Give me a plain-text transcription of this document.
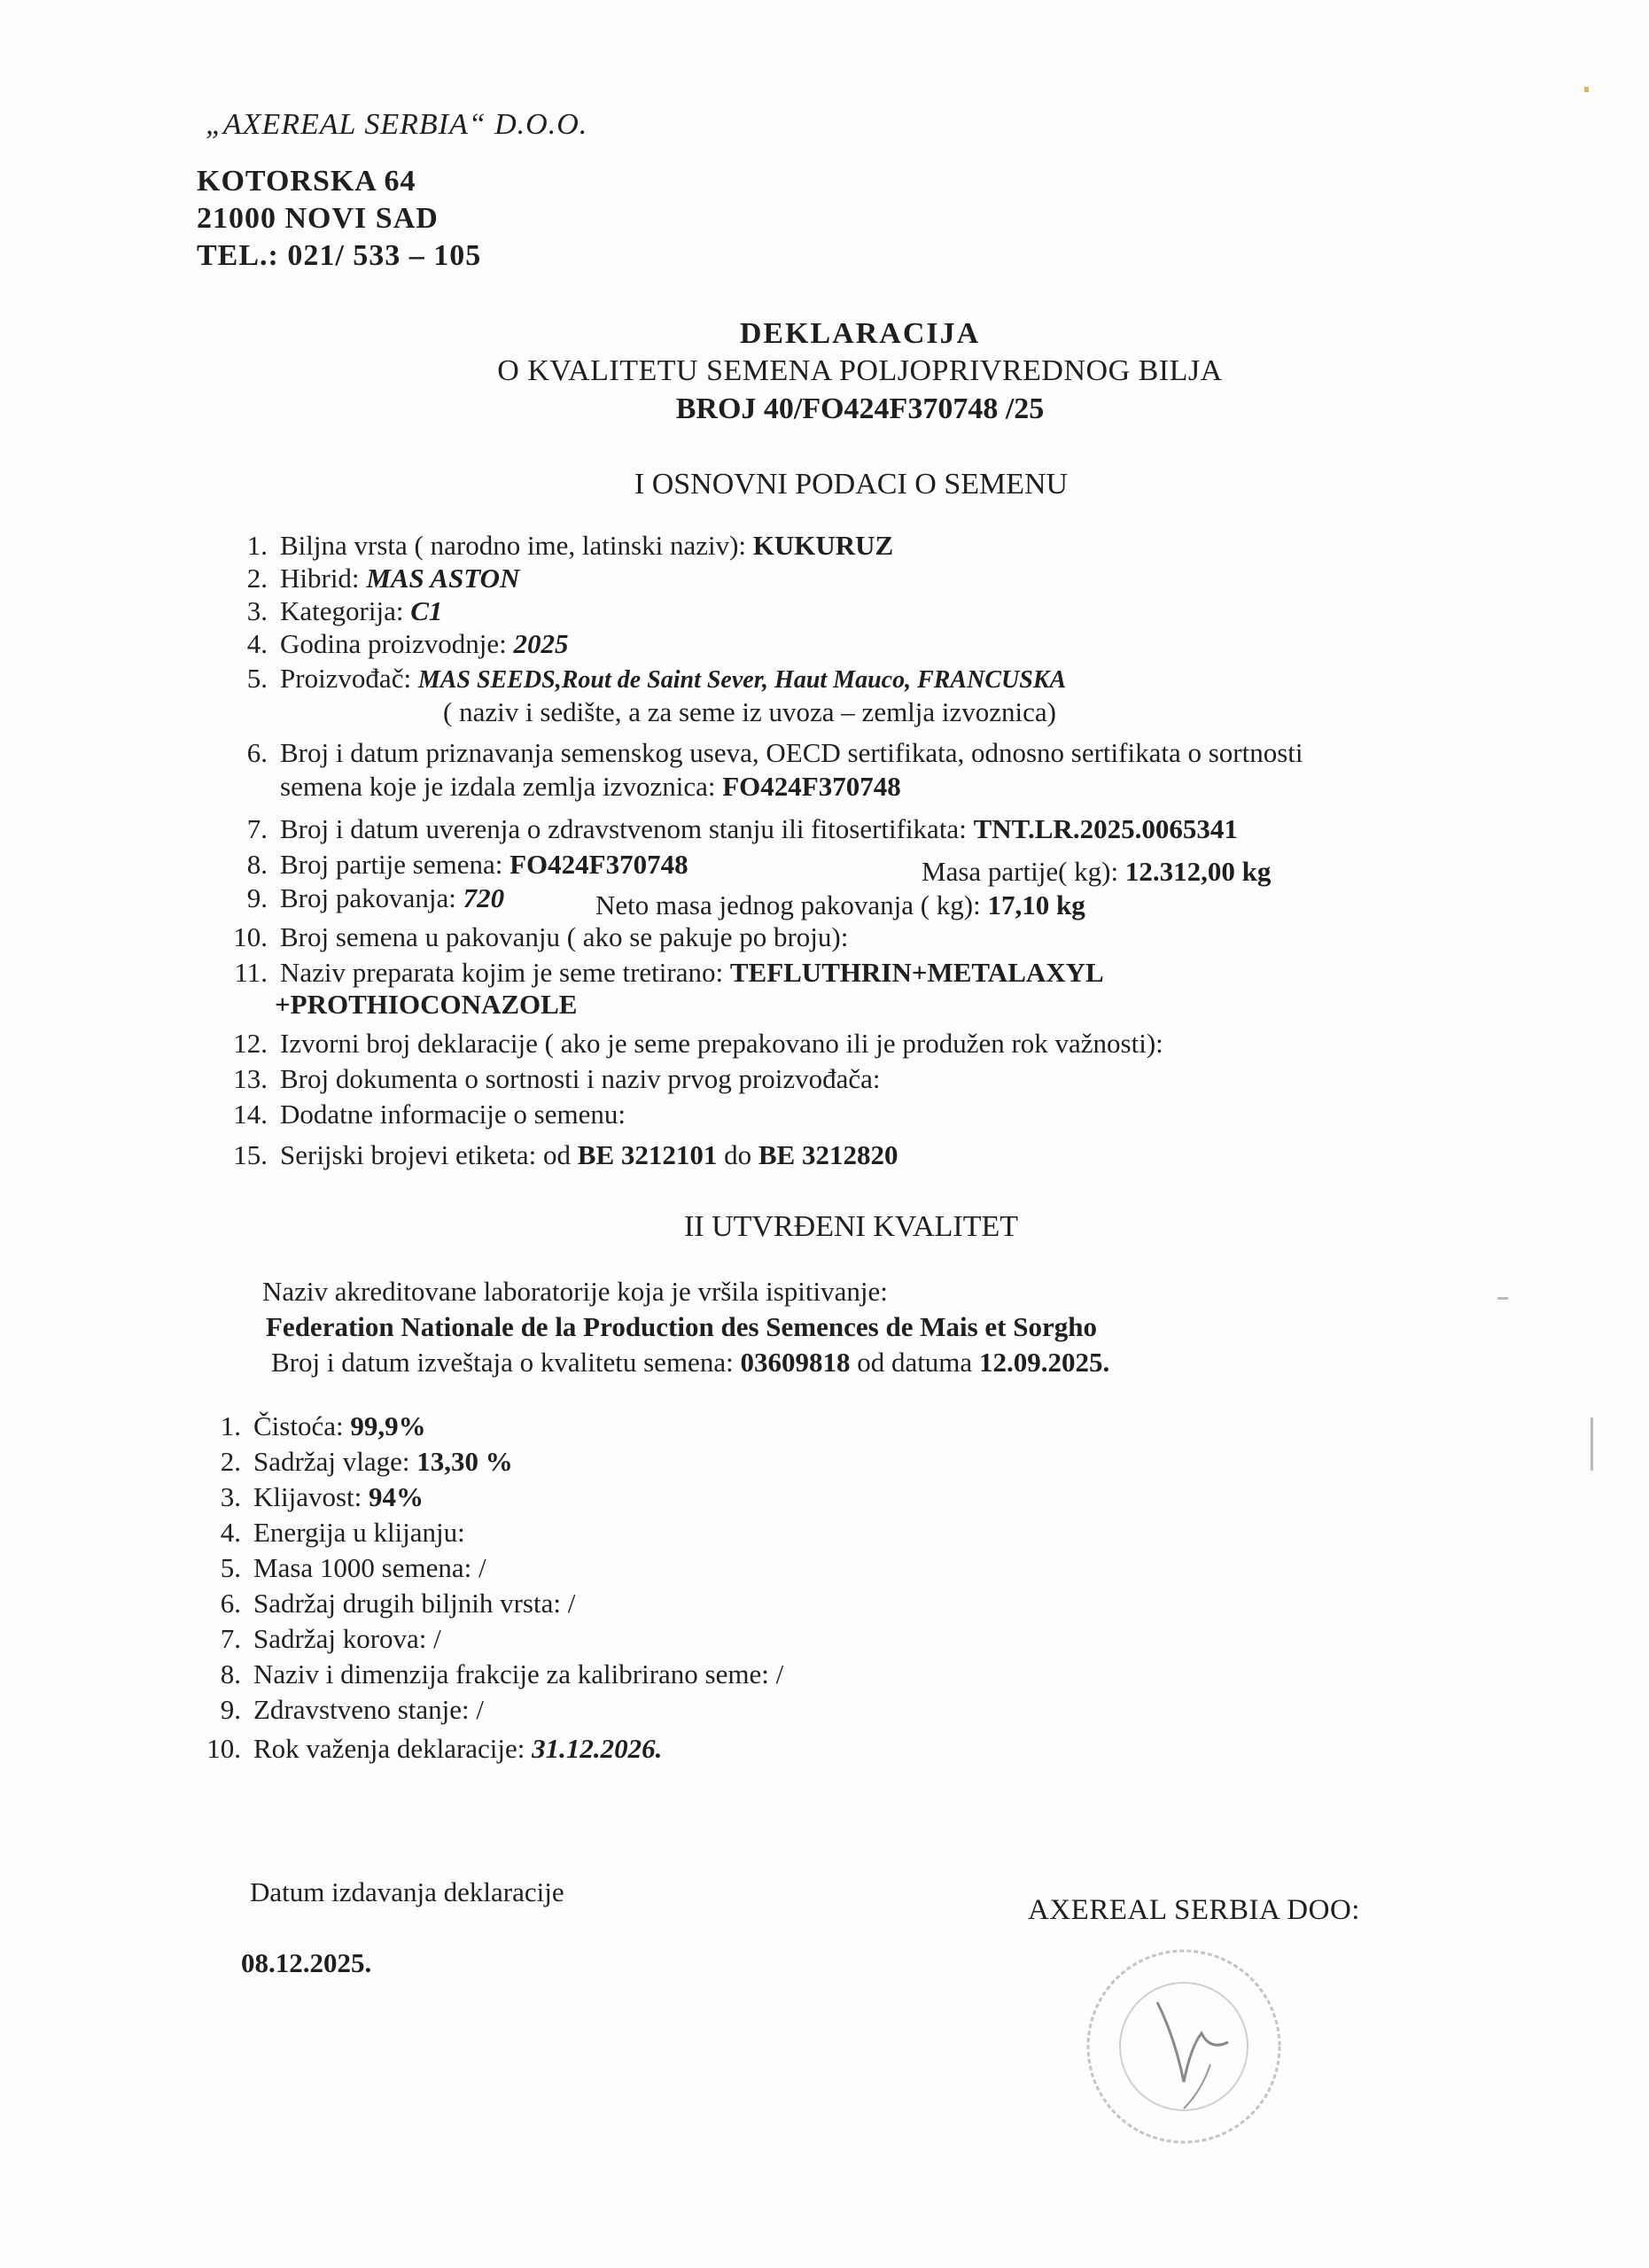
„AXEREAL SERBIA“ D.O.O.
KOTORSKA 64
21000 NOVI SAD
TEL.: 021/ 533 – 105
DEKLARACIJA
O KVALITETU SEMENA POLJOPRIVREDNOG BILJA
BROJ 40/FO424F370748 /25
I OSNOVNI PODACI O SEMENU
1. Biljna vrsta ( narodno ime, latinski naziv): KUKURUZ
2. Hibrid: MAS ASTON
3. Kategorija: C1
4. Godina proizvodnje: 2025
5. Proizvođač: MAS SEEDS,Rout de Saint Sever, Haut Mauco, FRANCUSKA
( naziv i sedište, a za seme iz uvoza – zemlja izvoznica)
6. Broj i datum priznavanja semenskog useva, OECD sertifikata, odnosno sertifikata o sortnosti
semena koje je izdala zemlja izvoznica: FO424F370748
7. Broj i datum uverenja o zdravstvenom stanju ili fitosertifikata: TNT.LR.2025.0065341
8. Broj partije semena: FO424F370748	Masa partije( kg): 12.312,00 kg
9. Broj pakovanja: 720	Neto masa jednog pakovanja ( kg): 17,10 kg
10. Broj semena u pakovanju ( ako se pakuje po broju):
11. Naziv preparata kojim je seme tretirano: TEFLUTHRIN+METALAXYL
+PROTHIOCONAZOLE
12. Izvorni broj deklaracije ( ako je seme prepakovano ili je produžen rok važnosti):
13. Broj dokumenta o sortnosti i naziv prvog proizvođača:
14. Dodatne informacije o semenu:
15. Serijski brojevi etiketa: od BE 3212101 do BE 3212820
II UTVRĐENI KVALITET
Naziv akreditovane laboratorije koja je vršila ispitivanje:
Federation Nationale de la Production des Semences de Mais et Sorgho
Broj i datum izveštaja o kvalitetu semena: 03609818 od datuma 12.09.2025.
1. Čistoća: 99,9%
2. Sadržaj vlage: 13,30 %
3. Klijavost: 94%
4. Energija u klijanju:
5. Masa 1000 semena: /
6. Sadržaj drugih biljnih vrsta: /
7. Sadržaj korova: /
8. Naziv i dimenzija frakcije za kalibrirano seme: /
9. Zdravstveno stanje: /
10. Rok važenja deklaracije: 31.12.2026.
Datum izdavanja deklaracije
08.12.2025.
AXEREAL SERBIA DOO:
